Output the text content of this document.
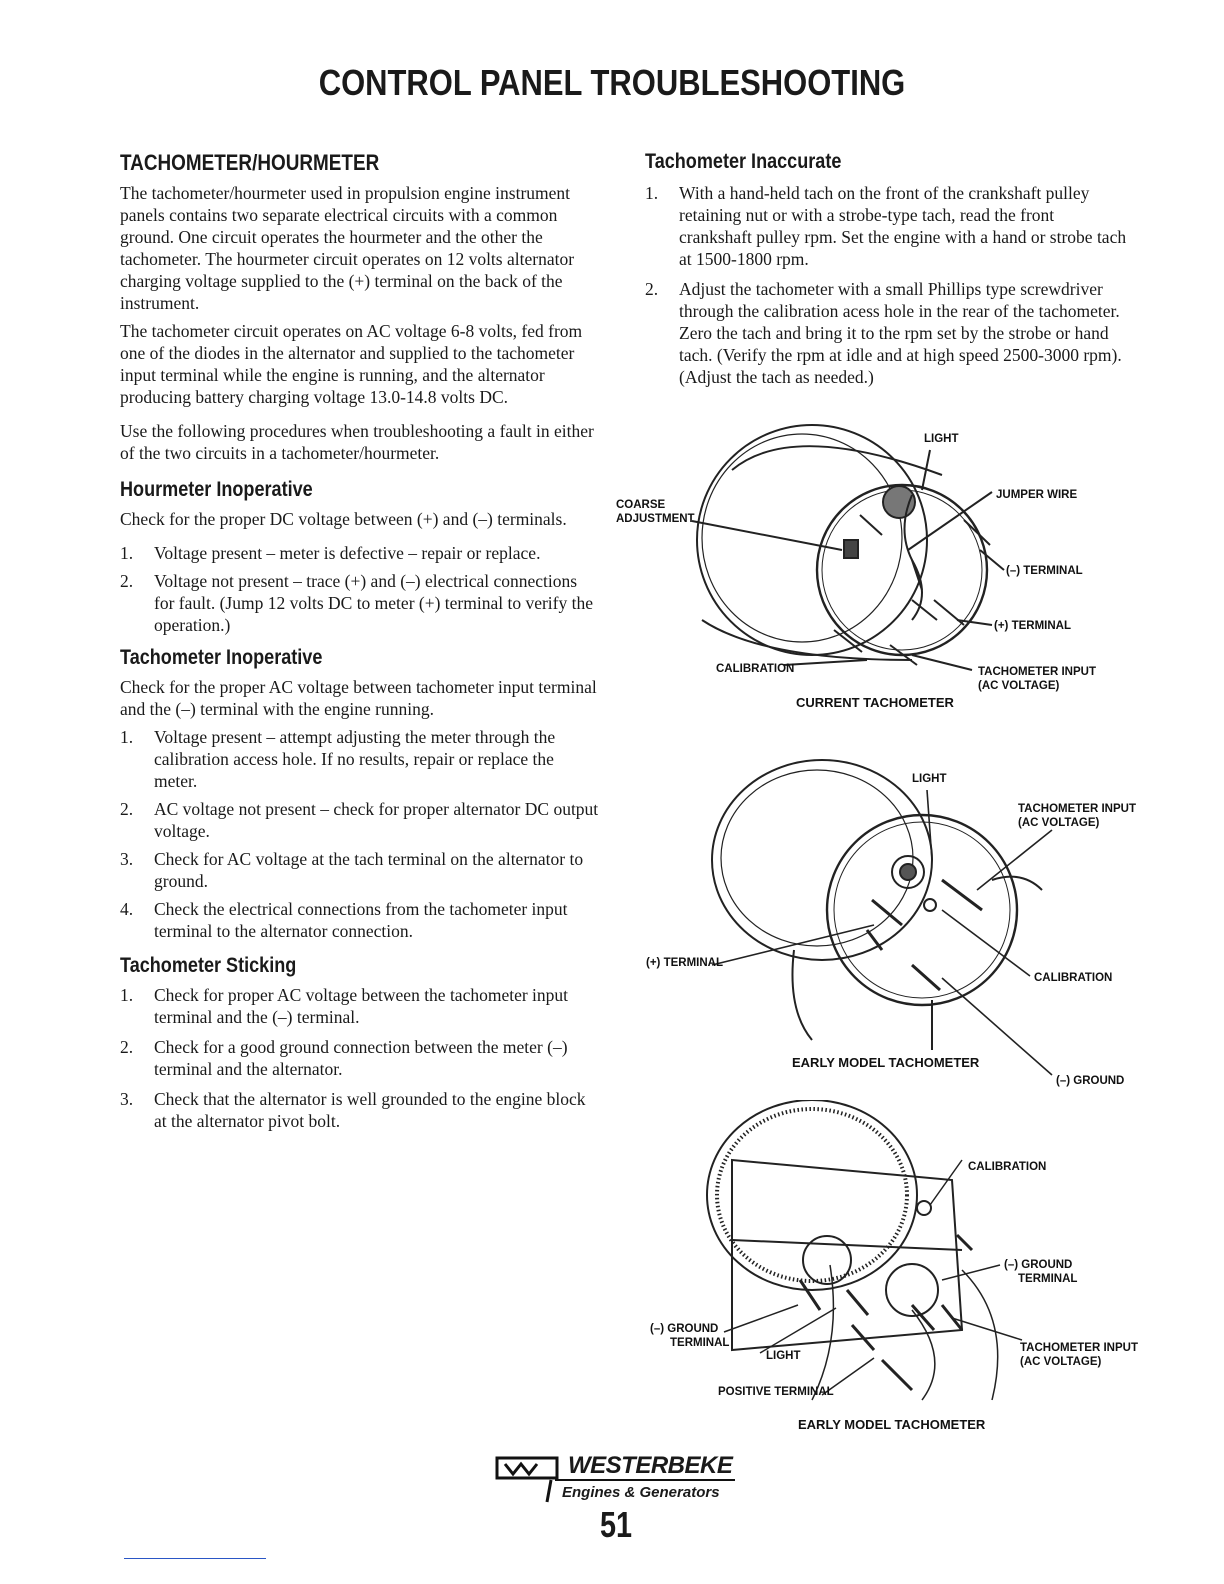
CONTROL PANEL TROUBLESHOOTING
TACHOMETER/HOURMETER

The tachometer/hourmeter used in propulsion engine instrument panels contains two separate electrical circuits with a common ground. One circuit operates the hourmeter and the other the tachometer. The hourmeter circuit operates on 12 volts alternator charging voltage supplied to the (+) terminal on the back of the instrument.

The tachometer circuit operates on AC voltage 6-8 volts, fed from one of the diodes in the alternator and supplied to the tachometer input terminal while the engine is running, and the alternator producing battery charging voltage 13.0-14.8 volts DC.

Use the following procedures when troubleshooting a fault in either of the two circuits in a tachometer/hourmeter.

Hourmeter Inoperative

Check for the proper DC voltage between (+) and (–) terminals.

1. Voltage present – meter is defective – repair or replace.
2. Voltage not present – trace (+) and (–) electrical connections for fault. (Jump 12 volts DC to meter (+) terminal to verify the operation.)
Tachometer Inoperative

Check for the proper AC voltage between tachometer input terminal and the (–) terminal with the engine running.

1. Voltage present – attempt adjusting the meter through the calibration access hole. If no results, repair or replace the meter.
2. AC voltage not present – check for proper alternator DC output voltage.
3. Check for AC voltage at the tach terminal on the alternator to ground.
4. Check the electrical connections from the tachometer input terminal to the alternator connection.
Tachometer Sticking
1. Check for proper AC voltage between the tachometer input terminal and the (–) terminal.
2. Check for a good ground connection between the meter (–) terminal and the alternator.
3. Check that the alternator is well grounded to the engine block at the alternator pivot bolt.
Tachometer Inaccurate
1. With a hand-held tach on the front of the crankshaft pulley retaining nut or with a strobe-type tach, read the front crankshaft pulley rpm. Set the engine with a hand or strobe tach at 1500-1800 rpm.
2. Adjust the tachometer with a small Phillips type screwdriver through the calibration acess hole in the rear of the tachometer. Zero the tach and bring it to the rpm set by the strobe or hand tach. (Verify the rpm at idle and at high speed 2500-3000 rpm). (Adjust the tach as needed.)
LIGHT
JUMPER WIRE
COARSE
ADJUSTMENT
(–) TERMINAL
(+) TERMINAL
CALIBRATION	TACHOMETER INPUT
(AC VOLTAGE)
CURRENT TACHOMETER
LIGHT
TACHOMETER INPUT
(AC VOLTAGE)
(+) TERMINAL
CALIBRATION
EARLY MODEL TACHOMETER
(–) GROUND
CALIBRATION
(–) GROUND
TERMINAL
(–) GROUND
TERMINAL
LIGHT
TACHOMETER INPUT
(AC VOLTAGE)
POSITIVE TERMINAL
EARLY MODEL TACHOMETER
WESTERBEKE
Engines & Generators
51
